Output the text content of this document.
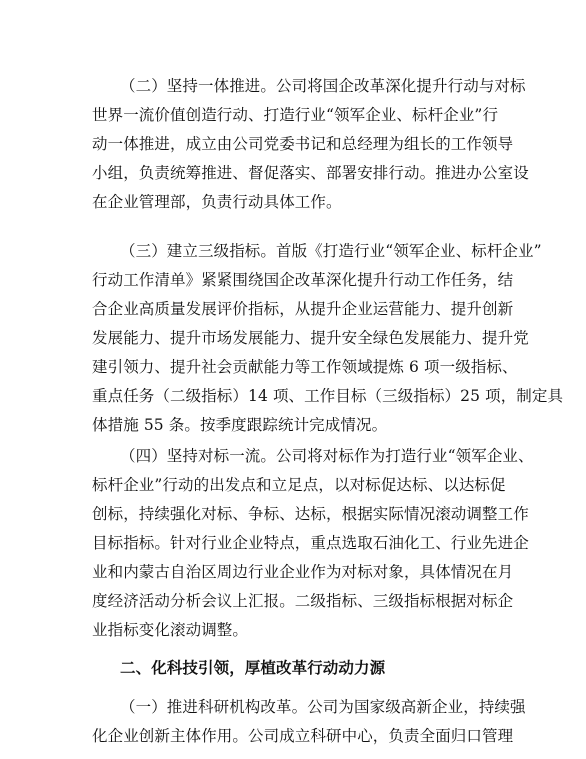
（二）坚持一体推进。公司将国企改革深化提升行动与对标
世界一流价值创造行动、打造行业“领军企业、标杆企业”行
动一体推进，成立由公司党委书记和总经理为组长的工作领导
小组，负责统筹推进、督促落实、部署安排行动。推进办公室设
在企业管理部，负责行动具体工作。
（三）建立三级指标。首版《打造行业“领军企业、标杆企业”
行动工作清单》紧紧围绕国企改革深化提升行动工作任务，结
合企业高质量发展评价指标，从提升企业运营能力、提升创新
发展能力、提升市场发展能力、提升安全绿色发展能力、提升党
建引领力、提升社会贡献能力等工作领域提炼 6 项一级指标、
重点任务（二级指标）14 项、工作目标（三级指标）25 项，制定具
体措施 55 条。按季度跟踪统计完成情况。
（四）坚持对标一流。公司将对标作为打造行业“领军企业、
标杆企业”行动的出发点和立足点，以对标促达标、以达标促
创标，持续强化对标、争标、达标，根据实际情况滚动调整工作
目标指标。针对行业企业特点，重点选取石油化工、行业先进企
业和内蒙古自治区周边行业企业作为对标对象，具体情况在月
度经济活动分析会议上汇报。二级指标、三级指标根据对标企
业指标变化滚动调整。
二、化科技引领，厚植改革行动动力源
（一）推进科研机构改革。公司为国家级高新企业，持续强
化企业创新主体作用。公司成立科研中心，负责全面归口管理
